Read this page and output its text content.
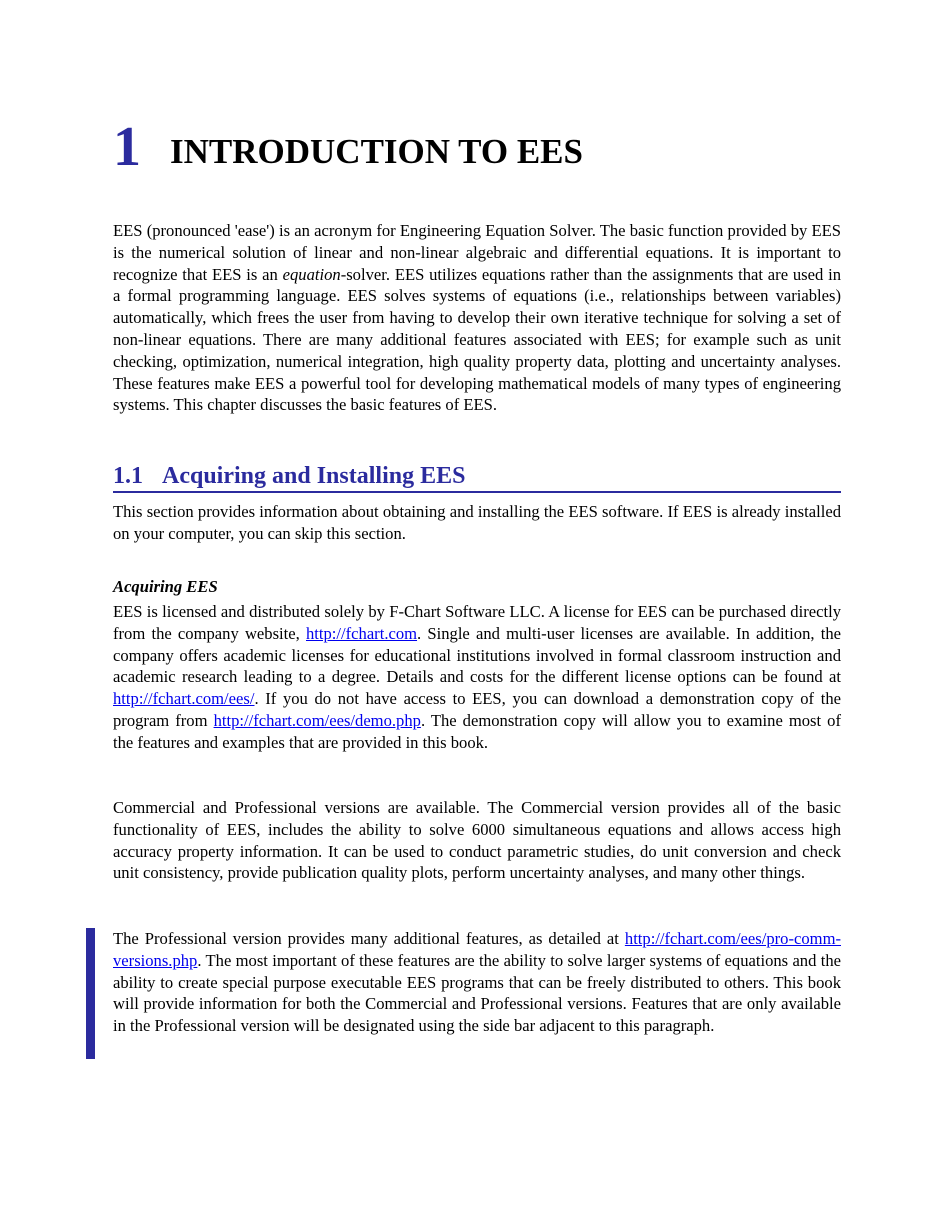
1 INTRODUCTION TO EES

EES (pronounced 'ease') is an acronym for Engineering Equation Solver. The basic function provided by EES is the numerical solution of linear and non-linear algebraic and differential equations. It is important to recognize that EES is an equation-solver. EES utilizes equations rather than the assignments that are used in a formal programming language. EES solves systems of equations (i.e., relationships between variables) automatically, which frees the user from having to develop their own iterative technique for solving a set of non-linear equations. There are many additional features associated with EES; for example such as unit checking, optimization, numerical integration, high quality property data, plotting and uncertainty analyses. These features make EES a powerful tool for developing mathematical models of many types of engineering systems. This chapter discusses the basic features of EES.

1.1 Acquiring and Installing EES

This section provides information about obtaining and installing the EES software. If EES is already installed on your computer, you can skip this section.

Acquiring EES

EES is licensed and distributed solely by F-Chart Software LLC. A license for EES can be purchased directly from the company website, http://fchart.com. Single and multi-user licenses are available. In addition, the company offers academic licenses for educational institutions involved in formal classroom instruction and academic research leading to a degree. Details and costs for the different license options can be found at http://fchart.com/ees/. If you do not have access to EES, you can download a demonstration copy of the program from http://fchart.com/ees/demo.php. The demonstration copy will allow you to examine most of the features and examples that are provided in this book.

Commercial and Professional versions are available. The Commercial version provides all of the basic functionality of EES, includes the ability to solve 6000 simultaneous equations and allows access high accuracy property information. It can be used to conduct parametric studies, do unit conversion and check unit consistency, provide publication quality plots, perform uncertainty analyses, and many other things.

The Professional version provides many additional features, as detailed at http://fchart.com/ees/pro-comm-versions.php. The most important of these features are the ability to solve larger systems of equations and the ability to create special purpose executable EES programs that can be freely distributed to others. This book will provide information for both the Commercial and Professional versions. Features that are only available in the Professional version will be designated using the side bar adjacent to this paragraph.
